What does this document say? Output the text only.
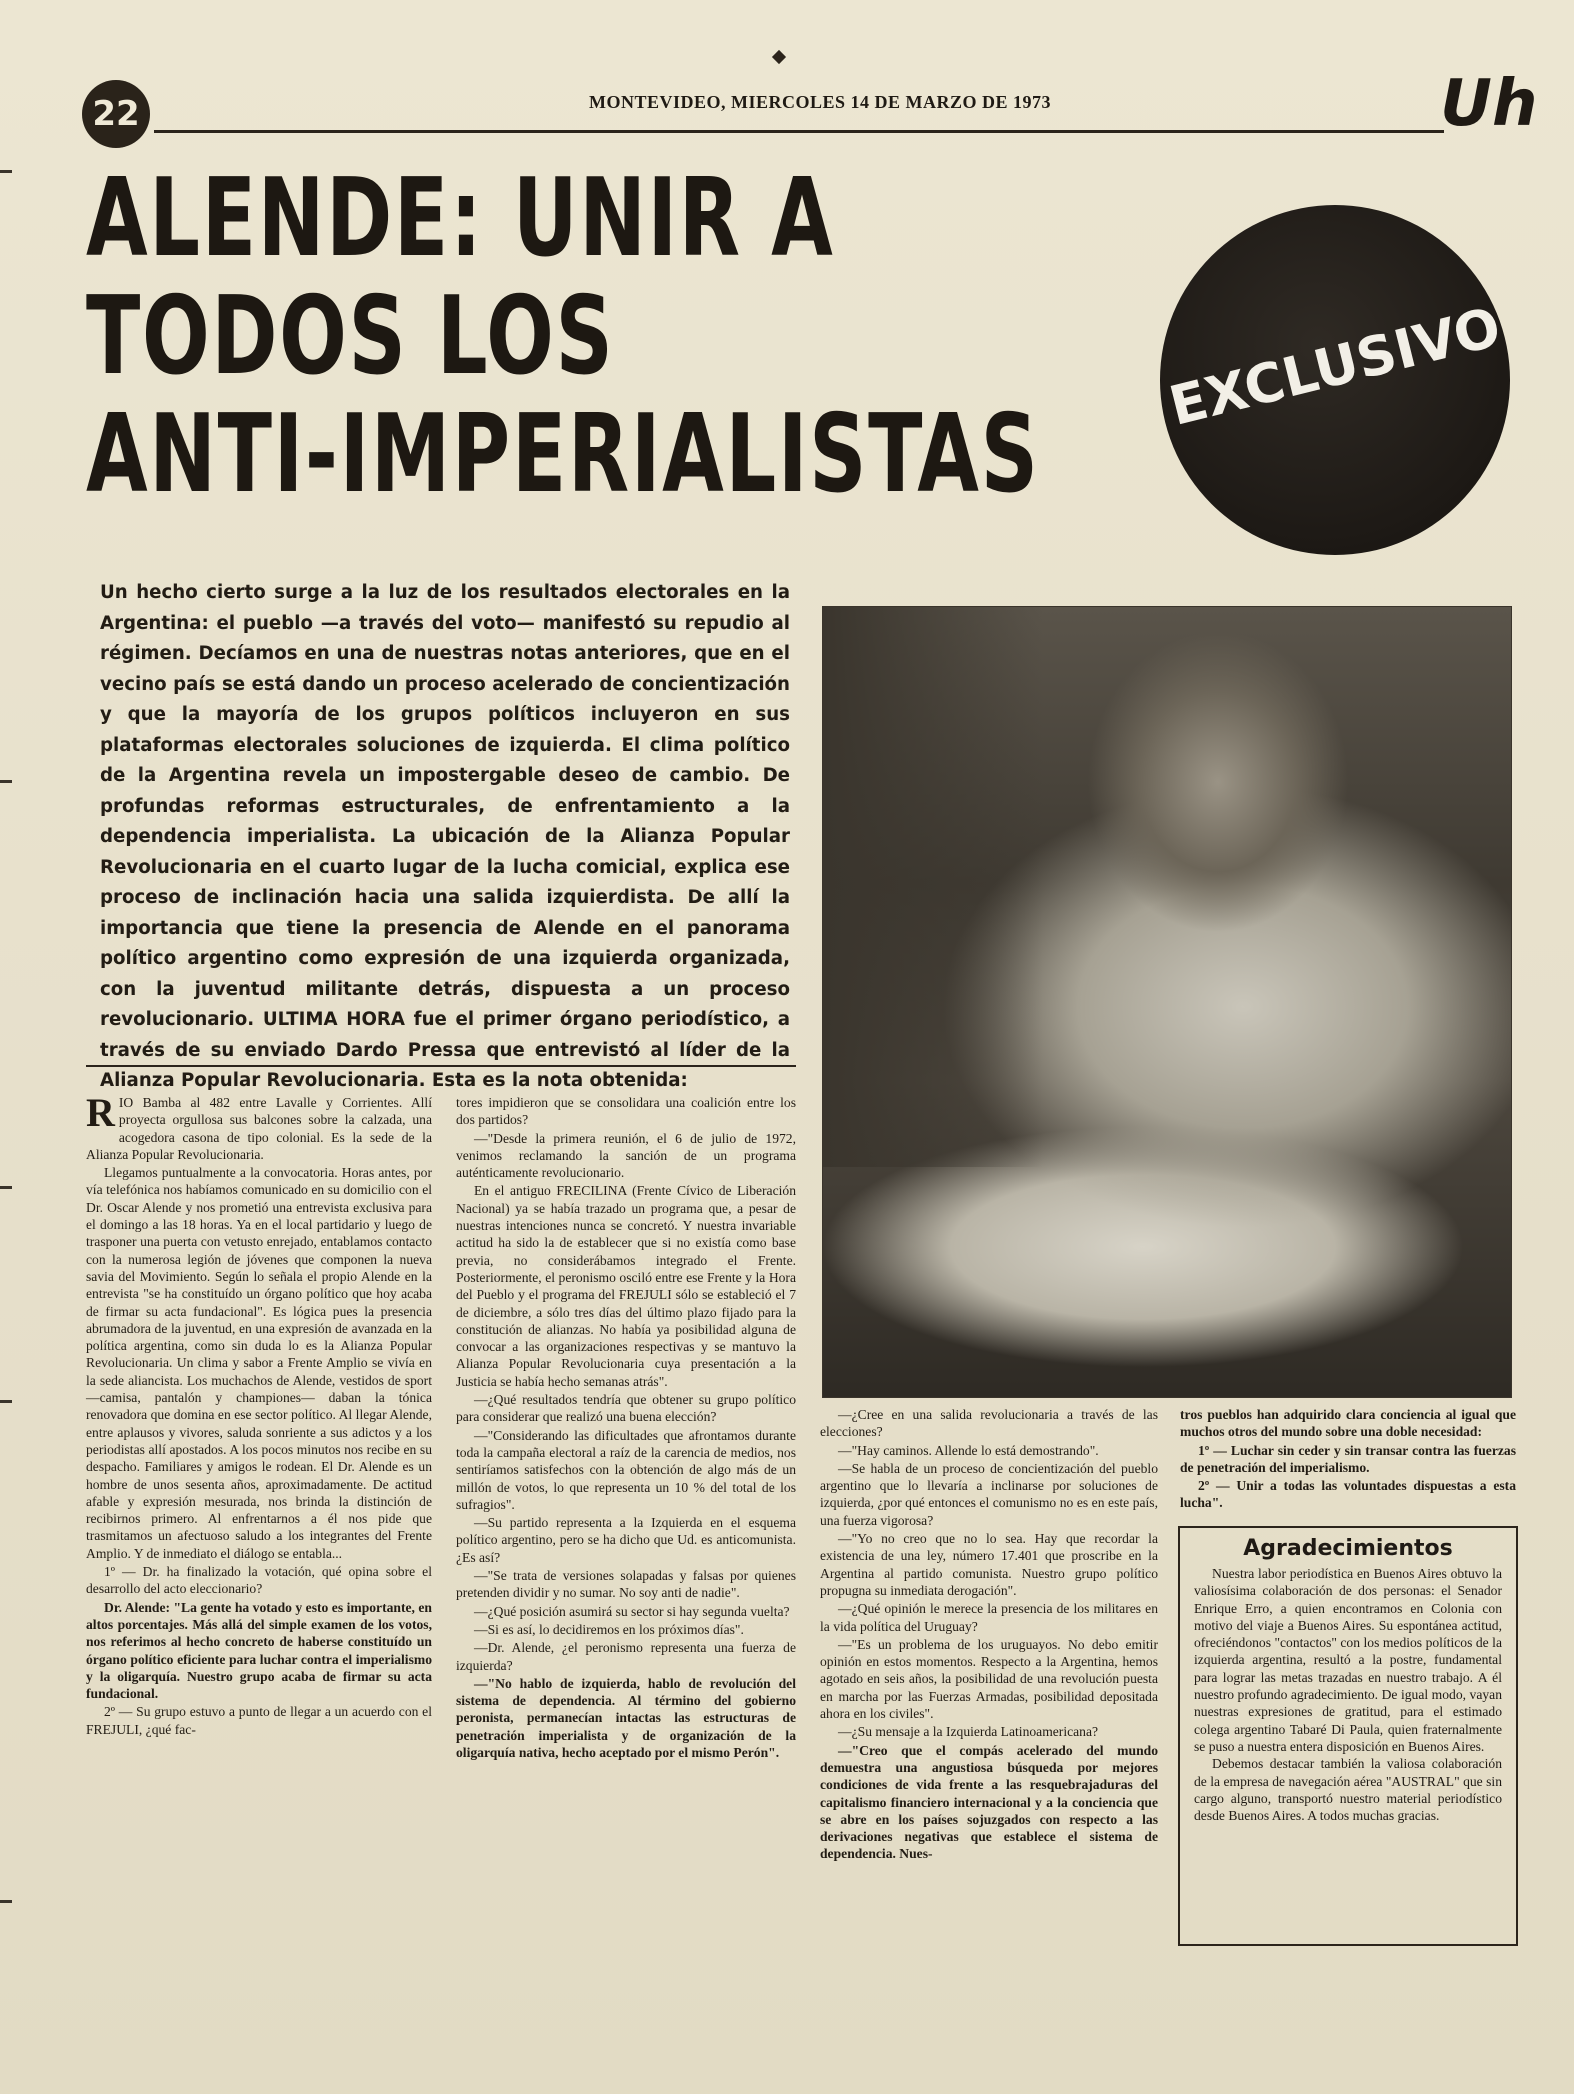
22	MONTEVIDEO, MIERCOLES 14 DE MARZO DE 1973	Uh
ALENDE: UNIR A
TODOS LOS
ANTI-IMPERIALISTAS
EXCLUSIVO
Un hecho cierto surge a la luz de los resultados electorales en la Argentina: el pueblo —a través del voto— manifestó su repudio al régimen. Decíamos en una de nuestras notas anteriores, que en el vecino país se está dando un proceso acelerado de concientización y que la mayoría de los grupos políticos incluyeron en sus plataformas electorales soluciones de izquierda. El clima político de la Argentina revela un impostergable deseo de cambio. De profundas reformas estructurales, de enfrentamiento a la dependencia imperialista. La ubicación de la Alianza Popular Revolucionaria en el cuarto lugar de la lucha comicial, explica ese proceso de inclinación hacia una salida izquierdista. De allí la importancia que tiene la presencia de Alende en el panorama político argentino como expresión de una izquierda organizada, con la juventud militante detrás, dispuesta a un proceso revolucionario. ULTIMA HORA fue el primer órgano periodístico, a través de su enviado Dardo Pressa que entrevistó al líder de la Alianza Popular Revolucionaria. Esta es la nota obtenida:

RIO Bamba al 482 entre Lavalle y Corrientes. Allí proyecta orgullosa sus balcones sobre la calzada, una acogedora casona de tipo colonial. Es la sede de la Alianza Popular Revolucionaria.

Llegamos puntualmente a la convocatoria. Horas antes, por vía telefónica nos habíamos comunicado en su domicilio con el Dr. Oscar Alende y nos prometió una entrevista exclusiva para el domingo a las 18 horas. Ya en el local partidario y luego de trasponer una puerta con vetusto enrejado, entablamos contacto con la numerosa legión de jóvenes que componen la nueva savia del Movimiento. Según lo señala el propio Alende en la entrevista "se ha constituído un órgano político que hoy acaba de firmar su acta fundacional". Es lógica pues la presencia abrumadora de la juventud, en una expresión de avanzada en la política argentina, como sin duda lo es la Alianza Popular Revolucionaria. Un clima y sabor a Frente Amplio se vivía en la sede aliancista. Los muchachos de Alende, vestidos de sport —camisa, pantalón y championes— daban la tónica renovadora que domina en ese sector político. Al llegar Alende, entre aplausos y vivores, saluda sonriente a sus adictos y a los periodistas allí apostados. A los pocos minutos nos recibe en su despacho. Familiares y amigos le rodean. El Dr. Alende es un hombre de unos sesenta años, aproximadamente. De actitud afable y expresión mesurada, nos brinda la distinción de recibirnos primero. Al enfrentarnos a él nos pide que trasmitamos un afectuoso saludo a los integrantes del Frente Amplio. Y de inmediato el diálogo se entabla...

1º — Dr. ha finalizado la votación, qué opina sobre el desarrollo del acto eleccionario?

Dr. Alende: "La gente ha votado y esto es importante, en altos porcentajes. Más allá del simple examen de los votos, nos referimos al hecho concreto de haberse constituído un órgano político eficiente para luchar contra el imperialismo y la oligarquía. Nuestro grupo acaba de firmar su acta fundacional.

2º — Su grupo estuvo a punto de llegar a un acuerdo con el FREJULI, ¿qué fac-

tores impidieron que se consolidara una coalición entre los dos partidos?

—"Desde la primera reunión, el 6 de julio de 1972, venimos reclamando la sanción de un programa auténticamente revolucionario.

En el antiguo FRECILINA (Frente Cívico de Liberación Nacional) ya se había trazado un programa que, a pesar de nuestras intenciones nunca se concretó. Y nuestra invariable actitud ha sido la de establecer que si no existía como base previa, no considerábamos integrado el Frente. Posteriormente, el peronismo osciló entre ese Frente y la Hora del Pueblo y el programa del FREJULI sólo se estableció el 7 de diciembre, a sólo tres días del último plazo fijado para la constitución de alianzas. No había ya posibilidad alguna de convocar a las organizaciones respectivas y se mantuvo la Alianza Popular Revolucionaria cuya presentación a la Justicia se había hecho semanas atrás".

—¿Qué resultados tendría que obtener su grupo político para considerar que realizó una buena elección?

—"Considerando las dificultades que afrontamos durante toda la campaña electoral a raíz de la carencia de medios, nos sentiríamos satisfechos con la obtención de algo más de un millón de votos, lo que representa un 10 % del total de los sufragios".

—Su partido representa a la Izquierda en el esquema político argentino, pero se ha dicho que Ud. es anticomunista. ¿Es así?

—"Se trata de versiones solapadas y falsas por quienes pretenden dividir y no sumar. No soy anti de nadie".

—¿Qué posición asumirá su sector si hay segunda vuelta?

—Si es así, lo decidiremos en los próximos días".

—Dr. Alende, ¿el peronismo representa una fuerza de izquierda?

—"No hablo de izquierda, hablo de revolución del sistema de dependencia. Al término del gobierno peronista, permanecían intactas las estructuras de penetración imperialista y de organización de la oligarquía nativa, hecho aceptado por el mismo Perón".

—¿Cree en una salida revolucionaria a través de las elecciones?

—"Hay caminos. Allende lo está demostrando".

—Se habla de un proceso de concientización del pueblo argentino que lo llevaría a inclinarse por soluciones de izquierda, ¿por qué entonces el comunismo no es en este país, una fuerza vigorosa?

—"Yo no creo que no lo sea. Hay que recordar la existencia de una ley, número 17.401 que proscribe en la Argentina al partido comunista. Nuestro grupo político propugna su inmediata derogación".

—¿Qué opinión le merece la presencia de los militares en la vida política del Uruguay?

—"Es un problema de los uruguayos. No debo emitir opinión en estos momentos. Respecto a la Argentina, hemos agotado en seis años, la posibilidad de una revolución puesta en marcha por las Fuerzas Armadas, posibilidad depositada ahora en los civiles".

—¿Su mensaje a la Izquierda Latinoamericana?

—"Creo que el compás acelerado del mundo demuestra una angustiosa búsqueda por mejores condiciones de vida frente a las resquebrajaduras del capitalismo financiero internacional y a la conciencia que se abre en los países sojuzgados con respecto a las derivaciones negativas que establece el sistema de dependencia. Nues-

tros pueblos han adquirido clara conciencia al igual que muchos otros del mundo sobre una doble necesidad:

1º — Luchar sin ceder y sin transar contra las fuerzas de penetración del imperialismo.

2º — Unir a todas las voluntades dispuestas a esta lucha".

Agradecimientos

Nuestra labor periodística en Buenos Aires obtuvo la valiosísima colaboración de dos personas: el Senador Enrique Erro, a quien encontramos en Colonia con motivo del viaje a Buenos Aires. Su espontánea actitud, ofreciéndonos "contactos" con los medios políticos de la izquierda argentina, resultó a la postre, fundamental para lograr las metas trazadas en nuestro trabajo. A él nuestro profundo agradecimiento. De igual modo, vayan nuestras expresiones de gratitud, para el estimado colega argentino Tabaré Di Paula, quien fraternalmente se puso a nuestra entera disposición en Buenos Aires.

Debemos destacar también la valiosa colaboración de la empresa de navegación aérea "AUSTRAL" que sin cargo alguno, transportó nuestro material periodístico desde Buenos Aires. A todos muchas gracias.
